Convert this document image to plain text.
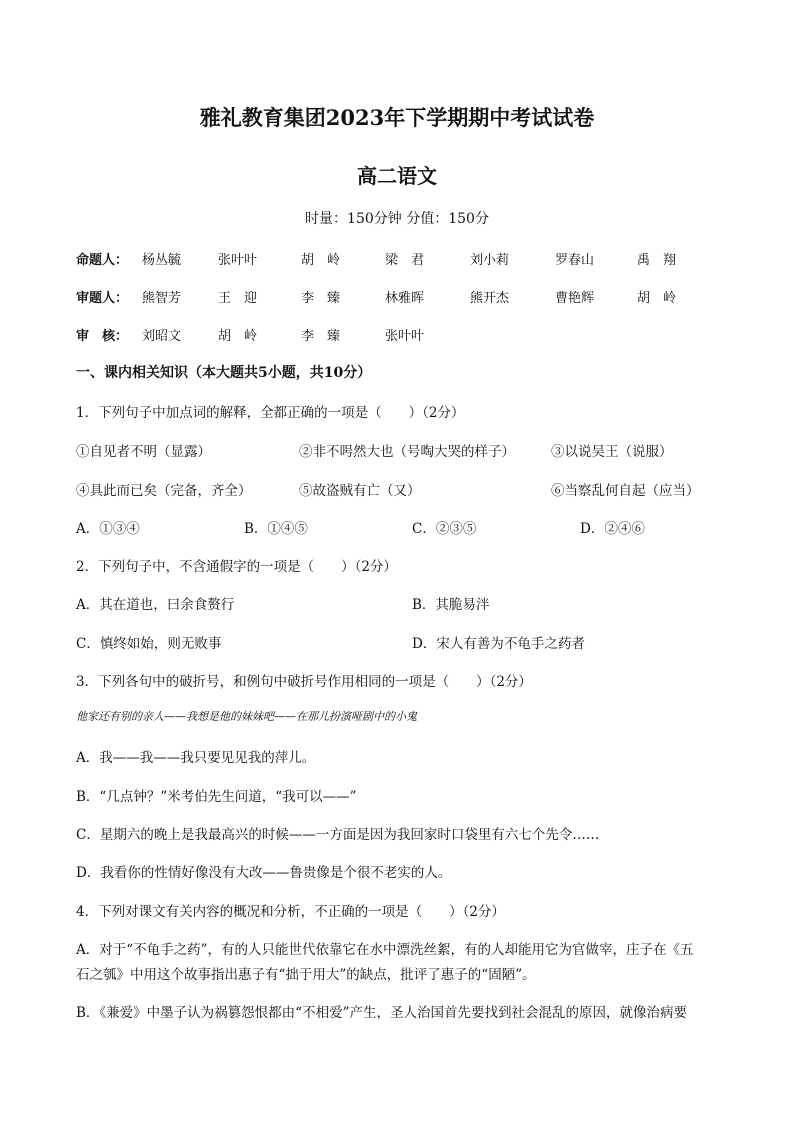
雅礼教育集团2023年下学期期中考试试卷
高二语文
时量：150分钟 分值：150分
命题人： 杨丛毓	张叶叶	胡　岭	梁　君	刘小莉	罗春山	禹　翔
审题人： 熊智芳	王　迎	李　臻	林雅晖	熊开杰	曹艳辉	胡　岭
审　核： 刘昭文	胡　岭	李　臻	张叶叶
一、课内相关知识（本大题共5小题，共10分）
1．下列句子中加点词的解释，全都正确的一项是（　　）（2分）
①自见者不明（显露）	②非不呺然大也（号啕大哭的样子）	③以说吴王（说服）
④具此而已矣（完备，齐全）	⑤故盗贼有亡（又）	⑥当察乱何自起（应当）
A．①③④	B．①④⑤	C．②③⑤	D．②④⑥
2．下列句子中，不含通假字的一项是（　　）（2分）
A．其在道也，曰余食赘行	B．其脆易泮
C．慎终如始，则无败事	D．宋人有善为不龟手之药者
3．下列各句中的破折号，和例句中破折号作用相同的一项是（　　）（2分）
他家还有别的亲人——我想是他的妹妹吧——在那儿扮演哑剧中的小鬼
A．我——我——我只要见见我的萍儿。
B．“几点钟？”米考伯先生问道，“我可以——”
C．星期六的晚上是我最高兴的时候——一方面是因为我回家时口袋里有六七个先令……
D．我看你的性情好像没有大改——鲁贵像是个很不老实的人。
4．下列对课文有关内容的概况和分析，不正确的一项是（　　）（2分）
A．对于“不龟手之药”，有的人只能世代依靠它在水中漂洗丝絮，有的人却能用它为官做宰，庄子在《五
石之瓠》中用这个故事指出惠子有“拙于用大”的缺点，批评了惠子的“固陋”。
B．《兼爱》中墨子认为祸篡怨恨都由“不相爱”产生，圣人治国首先要找到社会混乱的原因，就像治病要
